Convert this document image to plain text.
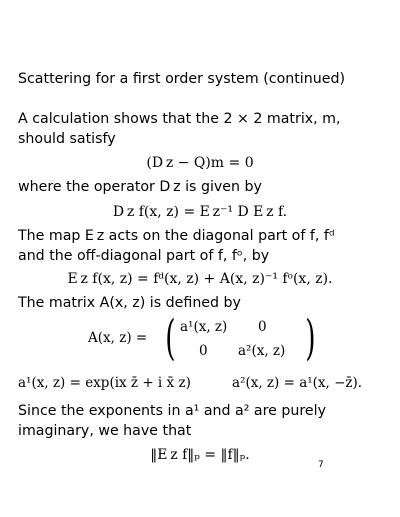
Scattering for a first order system (continued)
A calculation shows that the 2 × 2 matrix, m,
should satisfy
(D z − Q)m = 0
where the operator D z is given by
D z f(x, z) = E z⁻¹ D E z f.
The map E z acts on the diagonal part of f, fᵈ
and the off-diagonal part of f, fᵒ, by
E z f(x, z) = fᵈ(x, z) + A(x, z)⁻¹ fᵒ(x, z).
The matrix A(x, z) is defined by
A(x, z) = ( a¹(x, z) 0
0 a²(x, z) )
a¹(x, z) = exp(ix z̄ + i x̄ z)	a²(x, z) = a¹(x, −z̄).
Since the exponents in a¹ and a² are purely
imaginary, we have that
‖E z f‖ₚ = ‖f‖ₚ.
7
